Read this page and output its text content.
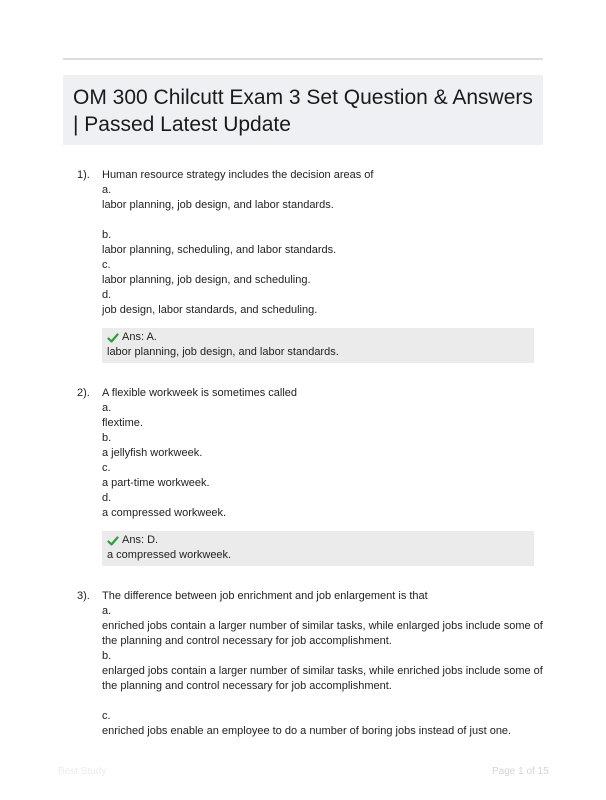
OM 300 Chilcutt Exam 3 Set Question & Answers
| Passed Latest Update
1). Human resource strategy includes the decision areas of
a.
labor planning, job design, and labor standards.
b.
labor planning, scheduling, and labor standards.
c.
labor planning, job design, and scheduling.
d.
job design, labor standards, and scheduling.
Ans: A.
labor planning, job design, and labor standards.
2). A flexible workweek is sometimes called
a.
flextime.
b.
a jellyfish workweek.
c.
a part-time workweek.
d.
a compressed workweek.
Ans: D.
a compressed workweek.
3). The difference between job enrichment and job enlargement is that
a.
enriched jobs contain a larger number of similar tasks, while enlarged jobs include some of
the planning and control necessary for job accomplishment.
b.
enlarged jobs contain a larger number of similar tasks, while enriched jobs include some of
the planning and control necessary for job accomplishment.
c.
enriched jobs enable an employee to do a number of boring jobs instead of just one.
Best Study	Page 1 of 15
